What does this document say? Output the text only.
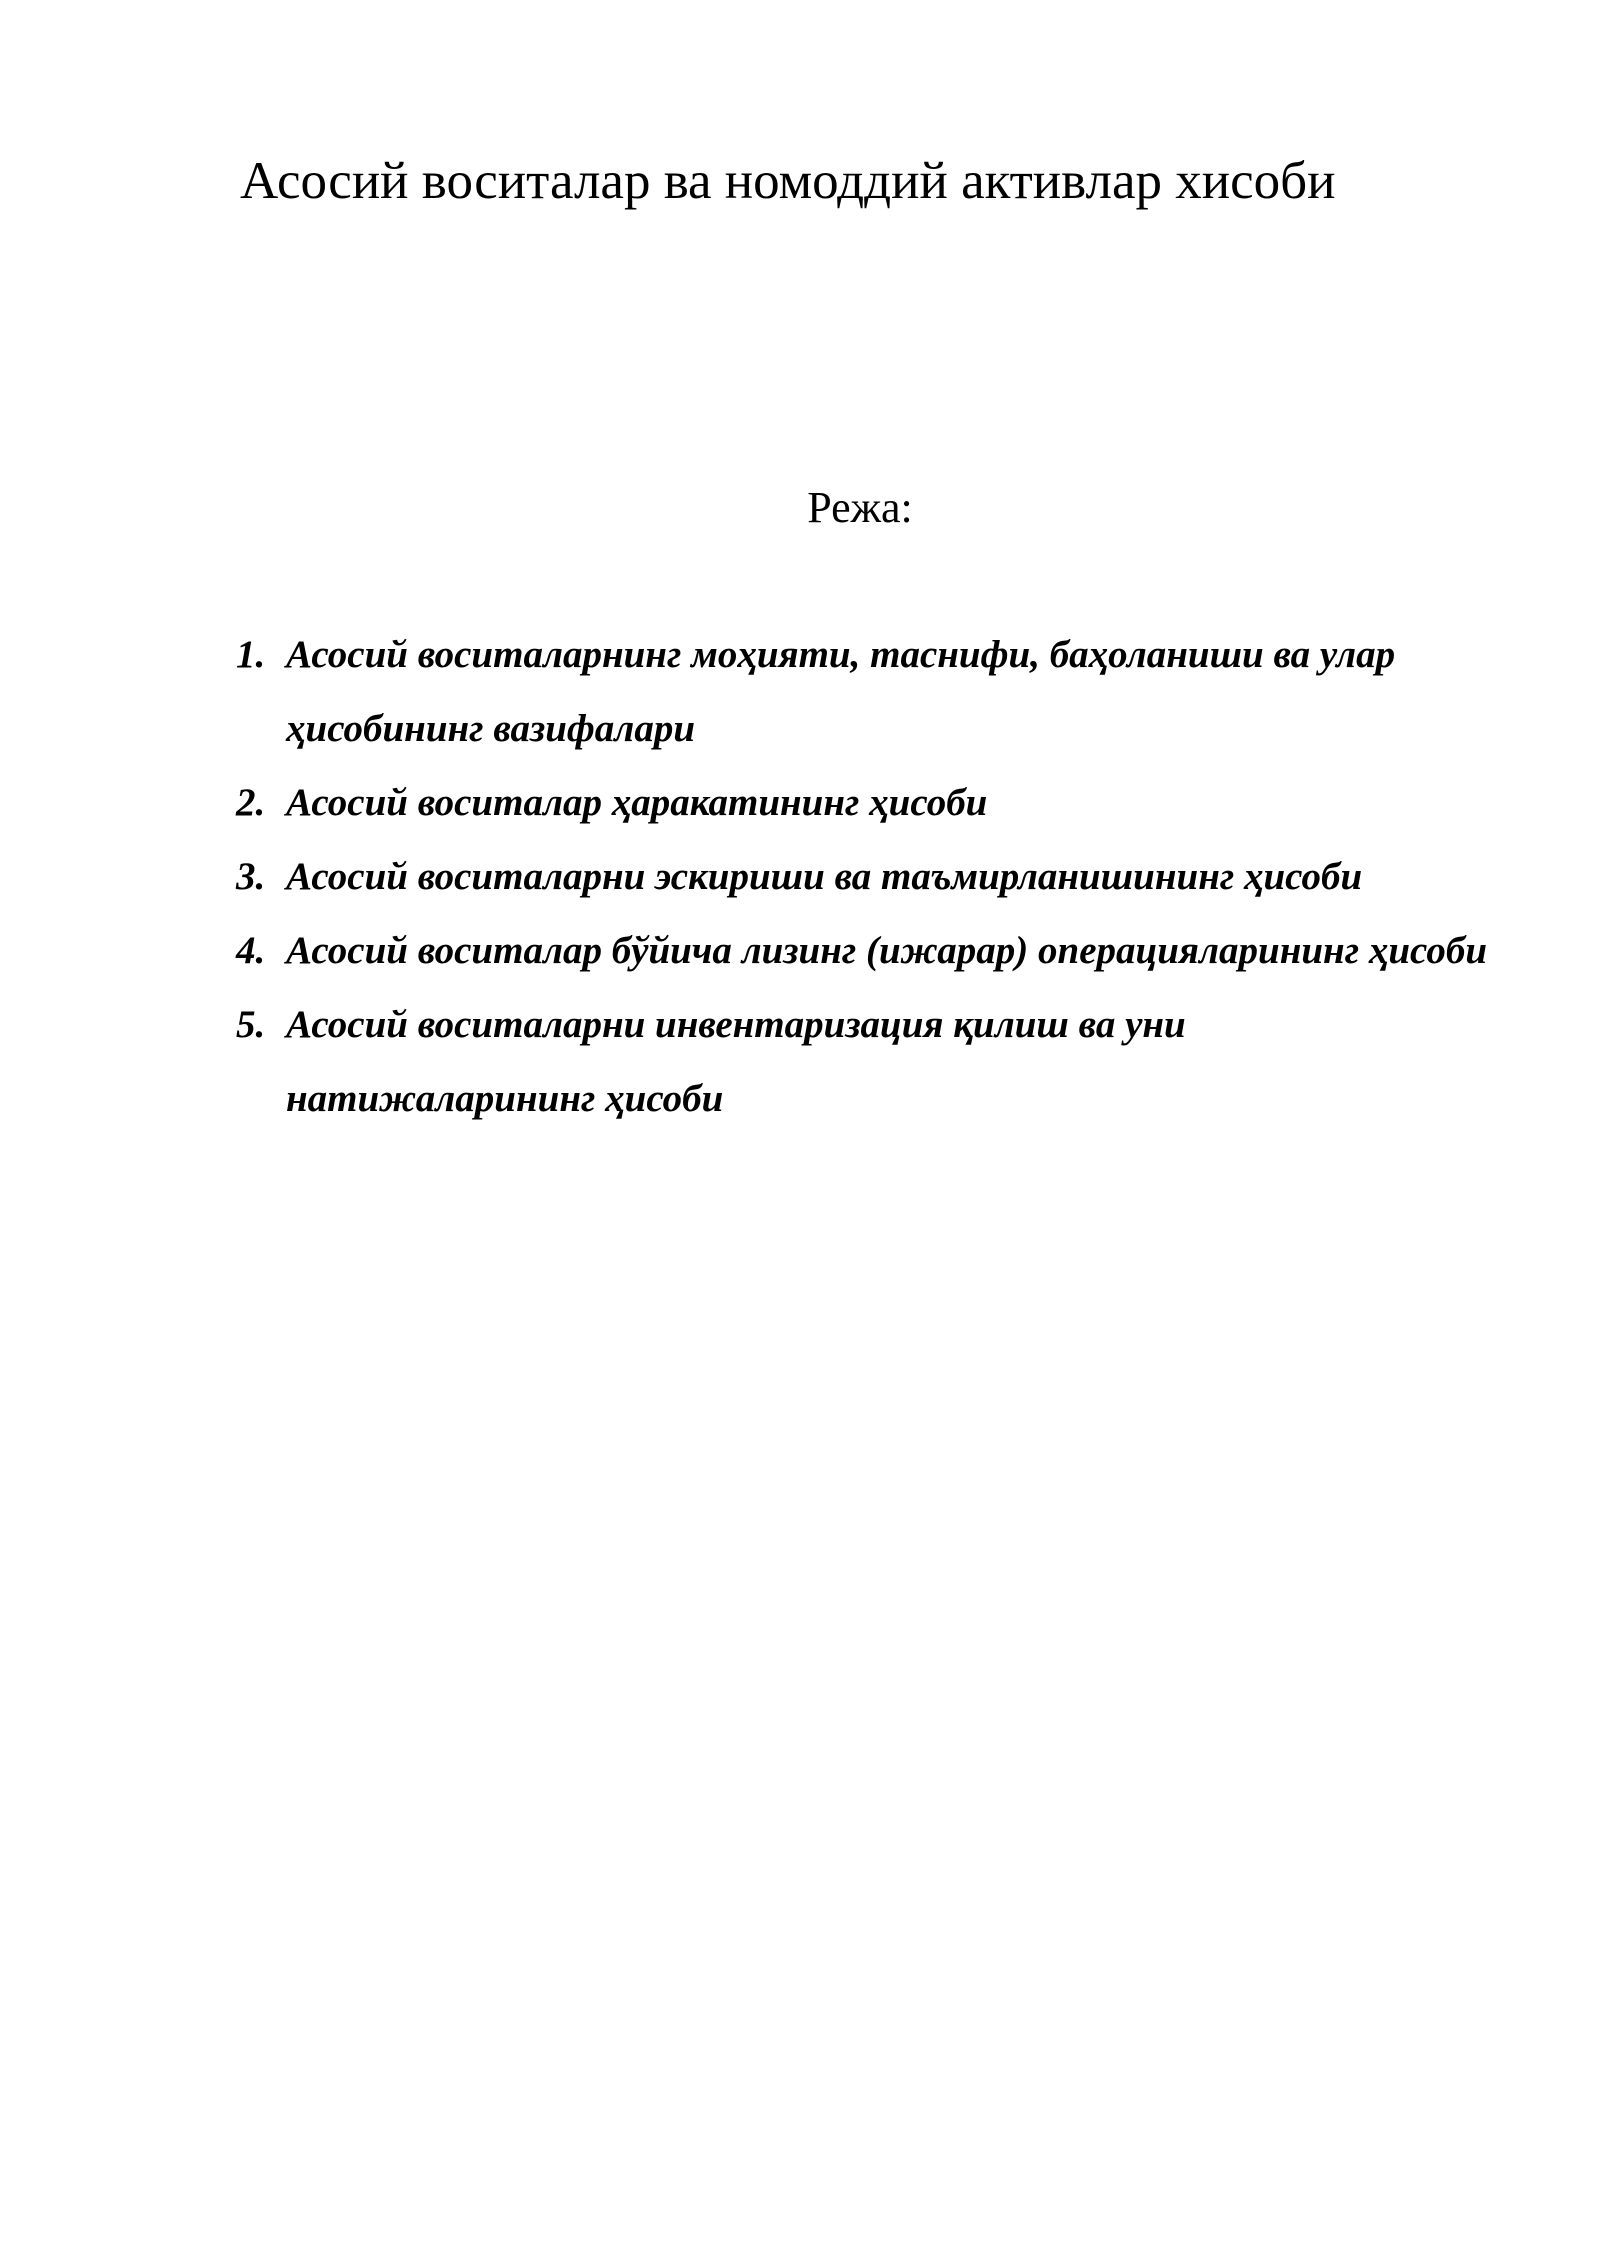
Асосий воситалар ва номоддий активлар хисоби
Режа:
1. Асосий воситаларнинг моҳияти, таснифи, баҳоланиши ва улар ҳисобининг вазифалари
2. Асосий воситалар ҳаракатининг ҳисоби
3. Асосий воситаларни эскириши ва таъмирланишининг ҳисоби
4. Асосий воситалар бўйича лизинг (ижарар) операцияларининг ҳисоби
5. Асосий воситаларни инвентаризация қилиш ва уни натижаларининг ҳисоби
